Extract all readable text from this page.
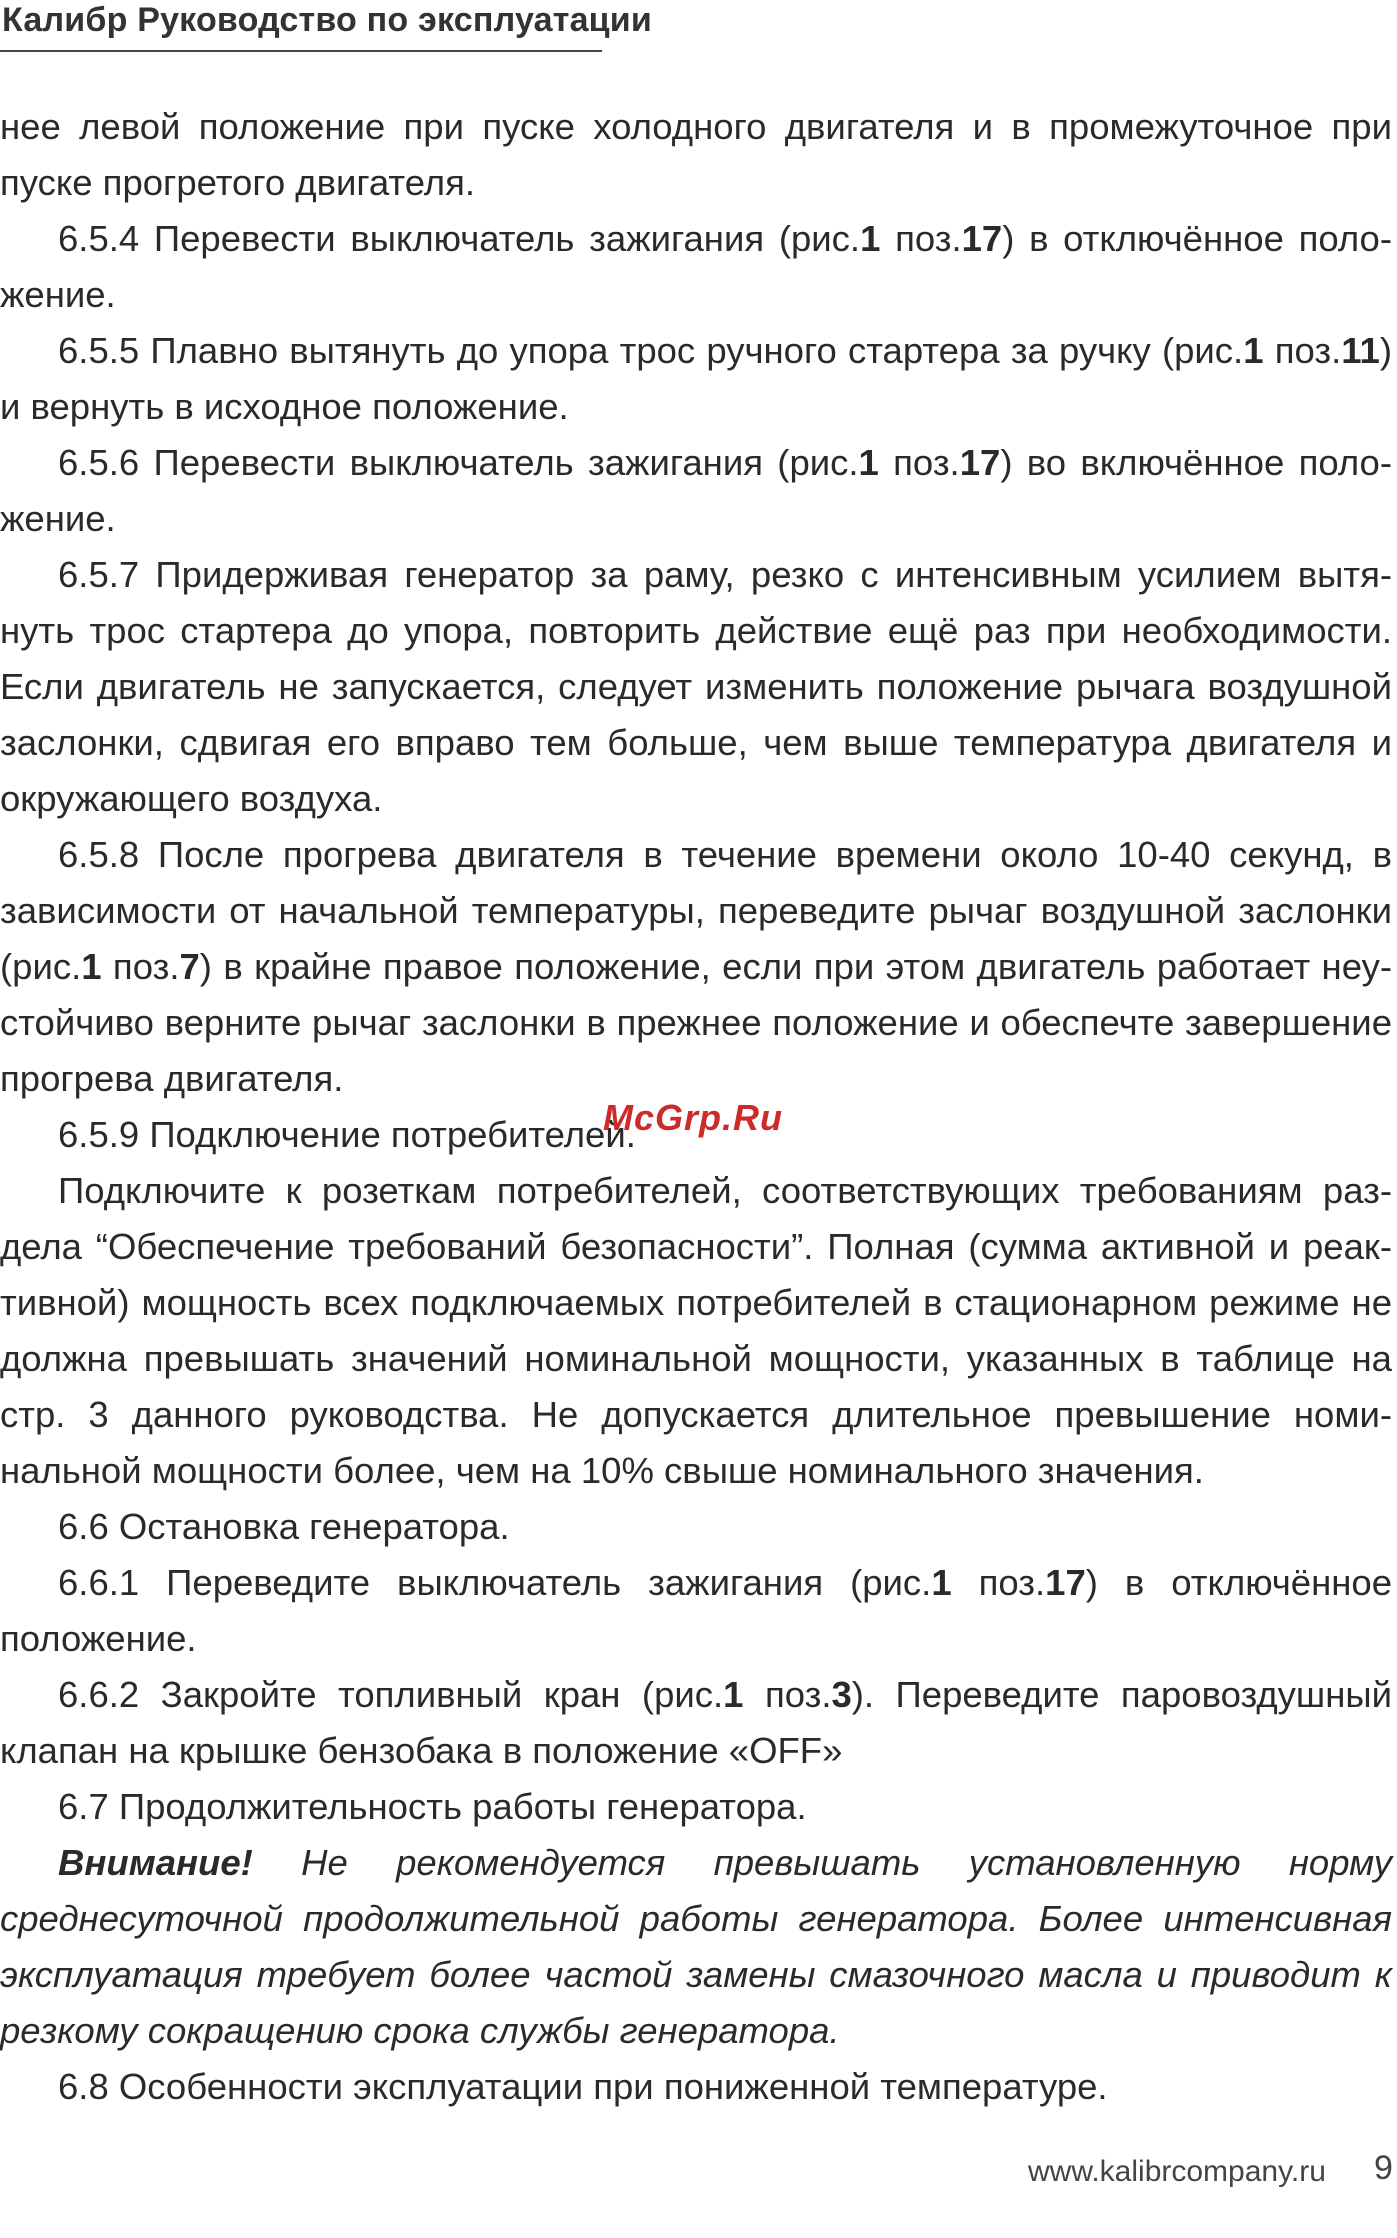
Калибр Руководство по эксплуатации

нее левой положение при пуске холодного двигателя и в промежуточное при пуске прогретого двигателя.

6.5.4 Перевести выключатель зажигания (рис.1 поз.17) в отключённое положение.

6.5.5 Плавно вытянуть до упора трос ручного стартера за ручку (рис.1 поз.11) и вернуть в исходное положение.

6.5.6 Перевести выключатель зажигания (рис.1 поз.17) во включённое положение.

6.5.7 Придерживая генератор за раму, резко с интенсивным усилием вытянуть трос стартера до упора, повторить действие ещё раз при необходимости. Если двигатель не запускается, следует изменить положение рычага воздушной заслонки, сдвигая его вправо тем больше, чем выше температура двигателя и окружающего воздуха.

6.5.8 После прогрева двигателя в течение времени около 10-40 секунд, в зависимости от начальной температуры, переведите рычаг воздушной заслонки (рис.1 поз.7) в крайне правое положение, если при этом двигатель работает неустойчиво верните рычаг заслонки в прежнее положение и обеспечте завершение прогрева двигателя.

6.5.9 Подключение потребителей.

Подключите к розеткам потребителей, соответствующих требованиям раздела “Обеспечение требований безопасности”. Полная (сумма активной и реактивной) мощность всех подключаемых потребителей в стационарном режиме не должна превышать значений номинальной мощности, указанных в таблице на стр. 3 данного руководства. Не допускается длительное превышение номинальной мощности более, чем на 10% свыше номинального значения.

6.6 Остановка генератора.

6.6.1 Переведите выключатель зажигания (рис.1 поз.17) в отключённое положение.

6.6.2 Закройте топливный кран (рис.1 поз.3). Переведите паровоздушный клапан на крышке бензобака в положение «OFF»

6.7 Продолжительность работы генератора.

Внимание! Не рекомендуется превышать установленную норму среднесуточной продолжительной работы генератора. Более интенсивная эксплуатация требует более частой замены смазочного масла и приводит к резкому сокращению срока службы генератора.

6.8 Особенности эксплуатации при пониженной температуре.

McGrp.Ru
www.kalibrcompany.ru 9
